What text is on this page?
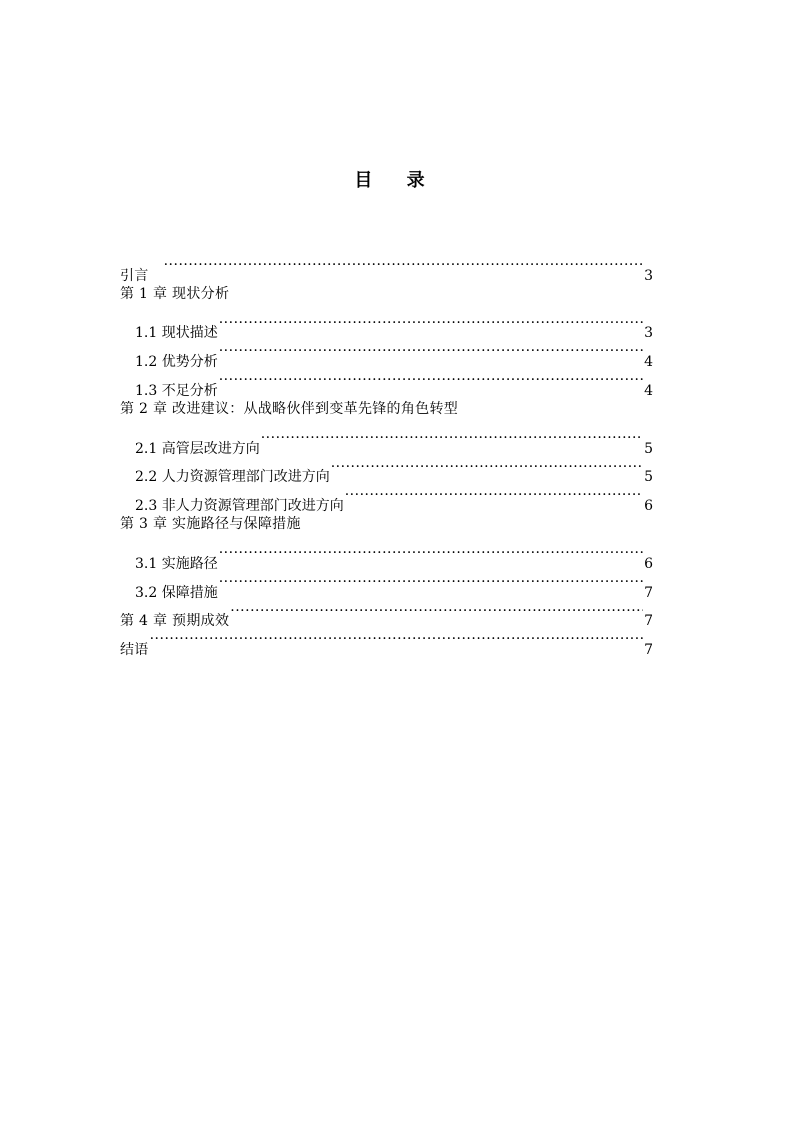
目 录
引言 ·····	3
第 1 章 现状分析
1.1 现状描述 ·····	3
1.2 优势分析 ·····	4
1.3 不足分析 ·····	4
第 2 章 改进建议：从战略伙伴到变革先锋的角色转型
2.1 高管层改进方向 ·····	5
2.2 人力资源管理部门改进方向 ·····	5
2.3 非人力资源管理部门改进方向 ·····	6
第 3 章 实施路径与保障措施
3.1 实施路径 ·····	6
3.2 保障措施 ·····	7
第 4 章 预期成效 ·····	7
结语 ·····	7
